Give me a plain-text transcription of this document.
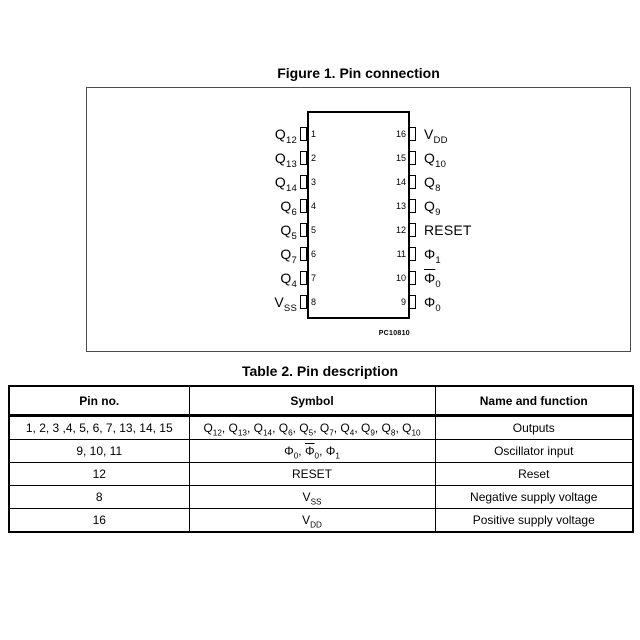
Figure 1. Pin connection
$Q_{12}$
1
$Q_{13}$
2
$Q_{14}$
3
$Q_6$
4
$Q_5$
5
$Q_7$
6
$Q_4$
7
$V_{SS}$
8
16 $V_{DD}$
15 $Q_{10}$
14 $Q_8$
13 $Q_9$
12 RESET
11 $\Phi_1$
10 $\overline{\Phi}_0$
9 $\Phi_0$
PC10810
Table 2. Pin description
Pin no.	Symbol	Name and function
1, 2, 3 ,4, 5, 6, 7, 13, 14, 15	$Q_{12}$, $Q_{13}$, $Q_{14}$, $Q_6$, $Q_5$, $Q_7$, $Q_4$, $Q_9$, $Q_8$, $Q_{10}$	Outputs
9, 10, 11	$\Phi_0$, $\overline{\Phi}_0$, $\Phi_1$	Oscillator input
12	RESET	Reset
8	$V_{SS}$	Negative supply voltage
16	$V_{DD}$	Positive supply voltage
